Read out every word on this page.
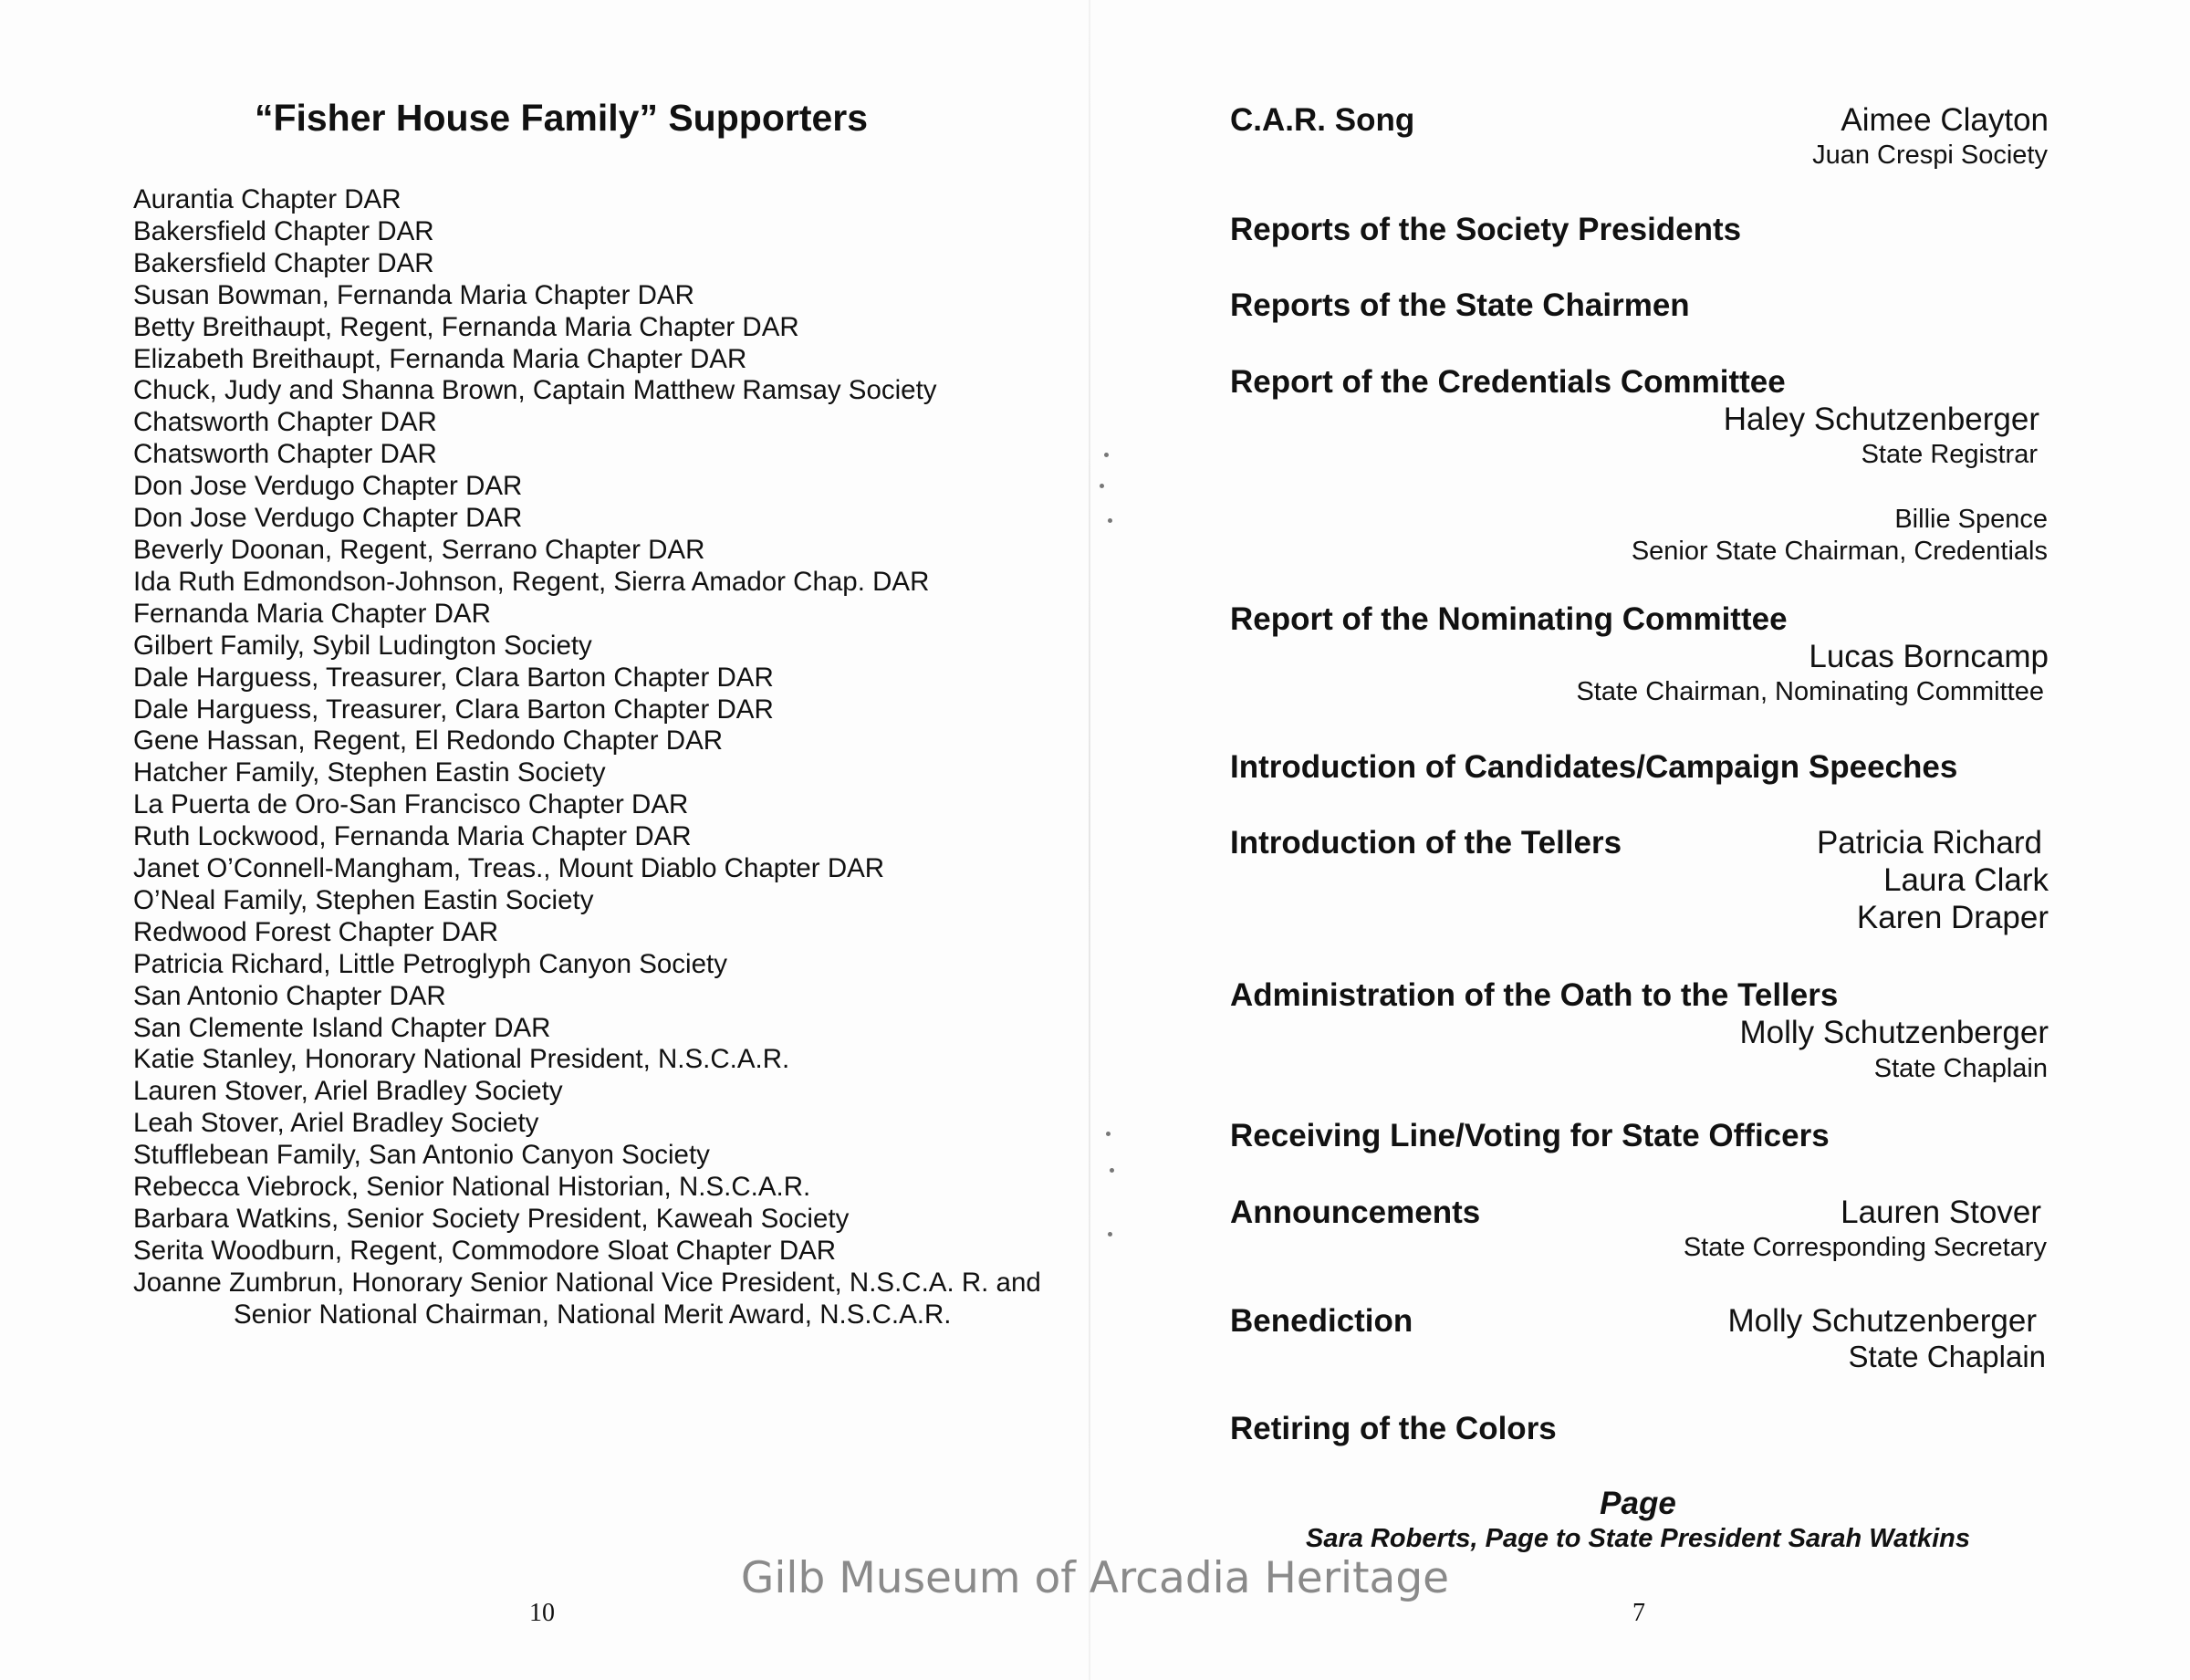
“Fisher House Family” Supporters
Aurantia Chapter DAR
Bakersfield Chapter DAR
Bakersfield Chapter DAR
Susan Bowman, Fernanda Maria Chapter DAR
Betty Breithaupt, Regent, Fernanda Maria Chapter DAR
Elizabeth Breithaupt, Fernanda Maria Chapter DAR
Chuck, Judy and Shanna Brown, Captain Matthew Ramsay Society
Chatsworth Chapter DAR
Chatsworth Chapter DAR
Don Jose Verdugo Chapter DAR
Don Jose Verdugo Chapter DAR
Beverly Doonan, Regent, Serrano Chapter DAR
Ida Ruth Edmondson-Johnson, Regent, Sierra Amador Chap. DAR
Fernanda Maria Chapter DAR
Gilbert Family, Sybil Ludington Society
Dale Harguess, Treasurer, Clara Barton Chapter DAR
Dale Harguess, Treasurer, Clara Barton Chapter DAR
Gene Hassan, Regent, El Redondo Chapter DAR
Hatcher Family, Stephen Eastin Society
La Puerta de Oro-San Francisco Chapter DAR
Ruth Lockwood, Fernanda Maria Chapter DAR
Janet O’Connell-Mangham, Treas., Mount Diablo Chapter DAR
O’Neal Family, Stephen Eastin Society
Redwood Forest Chapter DAR
Patricia Richard, Little Petroglyph Canyon Society
San Antonio Chapter DAR
San Clemente Island Chapter DAR
Katie Stanley, Honorary National President, N.S.C.A.R.
Lauren Stover, Ariel Bradley Society
Leah Stover, Ariel Bradley Society
Stufflebean Family, San Antonio Canyon Society
Rebecca Viebrock, Senior National Historian, N.S.C.A.R.
Barbara Watkins, Senior Society President, Kaweah Society
Serita Woodburn, Regent, Commodore Sloat Chapter DAR
Joanne Zumbrun, Honorary Senior National Vice President, N.S.C.A. R. and Senior National Chairman, National Merit Award, N.S.C.A.R.
10
C.A.R. Song	Aimee Clayton
Juan Crespi Society
Reports of the Society Presidents
Reports of the State Chairmen
Report of the Credentials Committee
Haley Schutzenberger
State Registrar
Billie Spence
Senior State Chairman, Credentials
Report of the Nominating Committee
Lucas Borncamp
State Chairman, Nominating Committee
Introduction of Candidates/Campaign Speeches
Introduction of the Tellers	Patricia Richard
Laura Clark
Karen Draper
Administration of the Oath to the Tellers
Molly Schutzenberger
State Chaplain
Receiving Line/Voting for State Officers
Announcements	Lauren Stover
State Corresponding Secretary
Benediction	Molly Schutzenberger
State Chaplain
Retiring of the Colors
Page
Sara Roberts, Page to State President Sarah Watkins
7
Gilb Museum of Arcadia Heritage
